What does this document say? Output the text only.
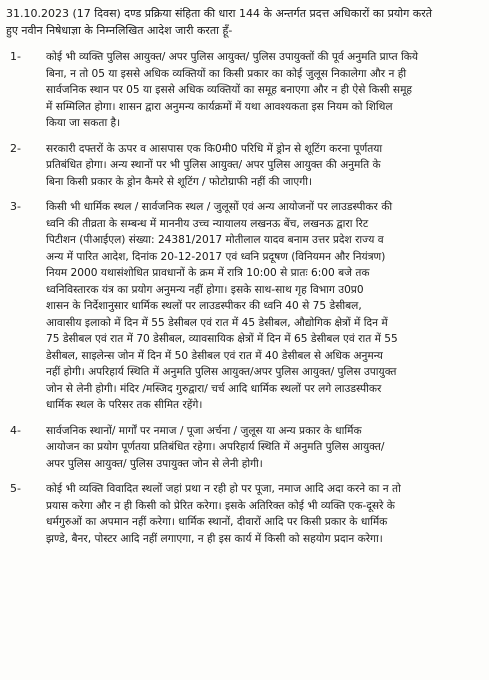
31.10.2023 (17 दिवस) दण्ड प्रक्रिया संहिता की धारा 144 के अन्तर्गत प्रदत्त अधिकारों का प्रयोग करते
हुए नवीन निषेधाज्ञा के निम्नलिखित आदेश जारी करता हूँ-
1-	कोई भी व्यक्ति पुलिस आयुक्त/ अपर पुलिस आयुक्त/ पुलिस उपायुक्तों की पूर्व अनुमति प्राप्त किये
बिना, न तो 05 या इससे अधिक व्यक्तियों का किसी प्रकार का कोई जुलूस निकालेगा और न ही
सार्वजनिक स्थान पर 05 या इससे अधिक व्यक्तियों का समूह बनाएगा और न ही ऐसे किसी समूह
में सम्मिलित होगा। शासन द्वारा अनुमन्य कार्यक्रमों में यथा आवश्यकता इस नियम को शिथिल
किया जा सकता है।
2-	सरकारी दफ्तरों के ऊपर व आसपास एक कि0मी0 परिधि में ड्रोन से शूटिंग करना पूर्णतया
प्रतिबंधित होगा। अन्य स्थानों पर भी पुलिस आयुक्त/ अपर पुलिस आयुक्त की अनुमति के
बिना किसी प्रकार के ड्रोन कैमरे से शूटिंग / फोटोग्राफी नहीं की जाएगी।
3-	किसी भी धार्मिक स्थल / सार्वजनिक स्थल / जुलूसों एवं अन्य आयोजनों पर लाउडस्पीकर की
ध्वनि की तीव्रता के सम्बन्ध में माननीय उच्च न्यायालय लखनऊ बेंच, लखनऊ द्वारा रिट
पिटीशन (पीआईएल) संख्या: 24381/2017 मोतीलाल यादव बनाम उत्तर प्रदेश राज्य व
अन्य में पारित आदेश, दिनांक 20-12-2017 एवं ध्वनि प्रदूषण (विनियमन और नियंत्रण)
नियम 2000 यथासंशोधित प्रावधानों के क्रम में रात्रि 10:00 से प्रातः 6:00 बजे तक
ध्वनिविस्तारक यंत्र का प्रयोग अनुमन्य नहीं होगा। इसके साथ-साथ गृह विभाग उ0प्र0
शासन के निर्देशानुसार धार्मिक स्थलों पर लाउडस्पीकर की ध्वनि 40 से 75 डेसीबल,
आवासीय इलाको में दिन में 55 डेसीबल एवं रात में 45 डेसीबल, औद्योगिक क्षेत्रों में दिन में
75 डेसीबल एवं रात में 70 डेसीबल, व्यावसायिक क्षेत्रों में दिन में 65 डेसीबल एवं रात में 55
डेसीबल, साइलेन्स जोन में दिन में 50 डेसीबल एवं रात में 40 डेसीबल से अधिक अनुमन्य
नहीं होगी। अपरिहार्य स्थिति में अनुमति पुलिस आयुक्त/अपर पुलिस आयुक्त/ पुलिस उपायुक्त
जोन से लेनी होगी। मंदिर /मस्जिद गुरुद्वारा/ चर्च आदि धार्मिक स्थलों पर लगे लाउडस्पीकर
धार्मिक स्थल के परिसर तक सीमित रहेंगे।
4-	सार्वजनिक स्थानों/ मार्गों पर नमाज / पूजा अर्चना / जुलूस या अन्य प्रकार के धार्मिक
आयोजन का प्रयोग पूर्णतया प्रतिबंधित रहेगा। अपरिहार्य स्थिति में अनुमति पुलिस आयुक्त/
अपर पुलिस आयुक्त/ पुलिस उपायुक्त जोन से लेनी होगी।
5-	कोई भी व्यक्ति विवादित स्थलों जहां प्रथा न रही हो पर पूजा, नमाज आदि अदा करने का न तो
प्रयास करेगा और न ही किसी को प्रेरित करेगा। इसके अतिरिक्त कोई भी व्यक्ति एक-दूसरे के
धर्मगुरुओं का अपमान नहीं करेगा। धार्मिक स्थानों, दीवारों आदि पर किसी प्रकार के धार्मिक
झण्डे, बैनर, पोस्टर आदि नहीं लगाएगा, न ही इस कार्य में किसी को सहयोग प्रदान करेगा।
